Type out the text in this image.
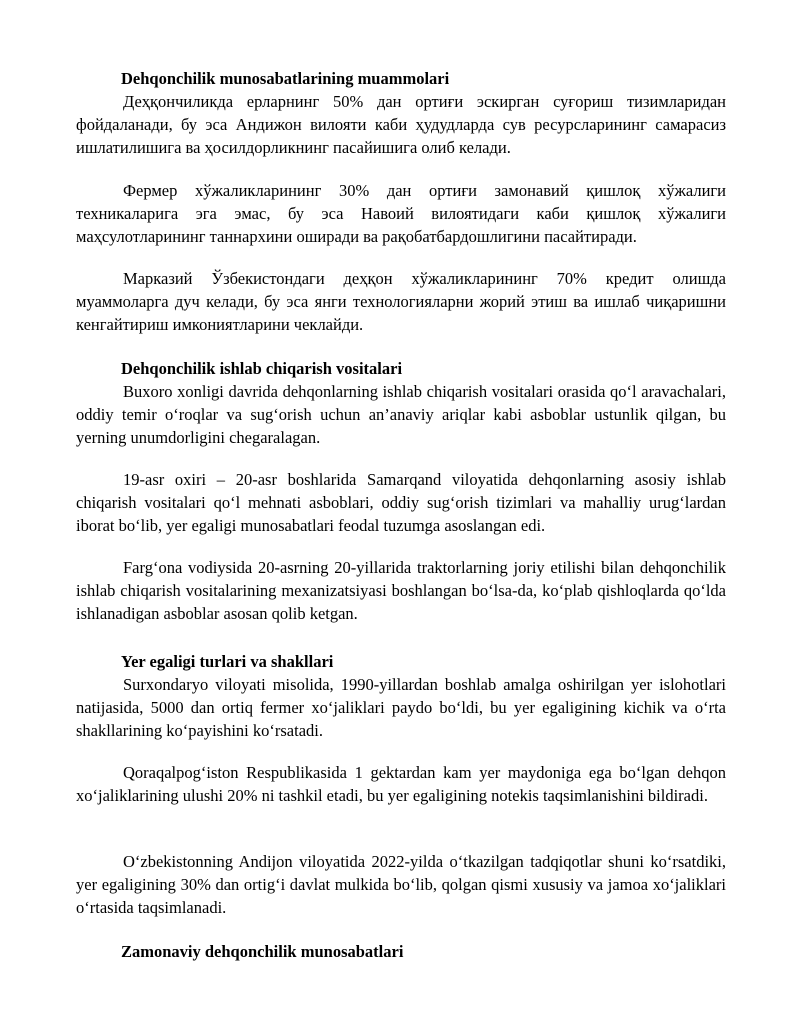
Dehqonchilik munosabatlarining muammolari

Деҳқончиликда ерларнинг 50% дан ортиғи эскирган суғориш тизимларидан фойдаланади, бу эса Андижон вилояти каби ҳудудларда сув ресурсларининг самарасиз ишлатилишига ва ҳосилдорликнинг пасайишига олиб келади.

Фермер хўжаликларининг 30% дан ортиғи замонавий қишлоқ хўжалиги техникаларига эга эмас, бу эса Навоий вилоятидаги каби қишлоқ хўжалиги маҳсулотларининг таннархини оширади ва рақобатбардошлигини пасайтиради.

Марказий Ўзбекистондаги деҳқон хўжаликларининг 70% кредит олишда муаммоларга дуч келади, бу эса янги технологияларни жорий этиш ва ишлаб чиқаришни кенгайтириш имкониятларини чеклайди.

Dehqonchilik ishlab chiqarish vositalari

Buxoro xonligi davrida dehqonlarning ishlab chiqarish vositalari orasida qo‘l aravachalari, oddiy temir o‘roqlar va sug‘orish uchun an’anaviy ariqlar kabi asboblar ustunlik qilgan, bu yerning unumdorligini chegaralagan.

19-asr oxiri – 20-asr boshlarida Samarqand viloyatida dehqonlarning asosiy ishlab chiqarish vositalari qo‘l mehnati asboblari, oddiy sug‘orish tizimlari va mahalliy urug‘lardan iborat bo‘lib, yer egaligi munosabatlari feodal tuzumga asoslangan edi.

Farg‘ona vodiysida 20-asrning 20-yillarida traktorlarning joriy etilishi bilan dehqonchilik ishlab chiqarish vositalarining mexanizatsiyasi boshlangan bo‘lsa-da, ko‘plab qishloqlarda qo‘lda ishlanadigan asboblar asosan qolib ketgan.

Yer egaligi turlari va shakllari

Surxondaryo viloyati misolida, 1990-yillardan boshlab amalga oshirilgan yer islohotlari natijasida, 5000 dan ortiq fermer xo‘jaliklari paydo bo‘ldi, bu yer egaligining kichik va o‘rta shakllarining ko‘payishini ko‘rsatadi.

Qoraqalpog‘iston Respublikasida 1 gektardan kam yer maydoniga ega bo‘lgan dehqon xo‘jaliklarining ulushi 20% ni tashkil etadi, bu yer egaligining notekis taqsimlanishini bildiradi.

O‘zbekistonning Andijon viloyatida 2022-yilda o‘tkazilgan tadqiqotlar shuni ko‘rsatdiki, yer egaligining 30% dan ortig‘i davlat mulkida bo‘lib, qolgan qismi xususiy va jamoa xo‘jaliklari o‘rtasida taqsimlanadi.

Zamonaviy dehqonchilik munosabatlari
